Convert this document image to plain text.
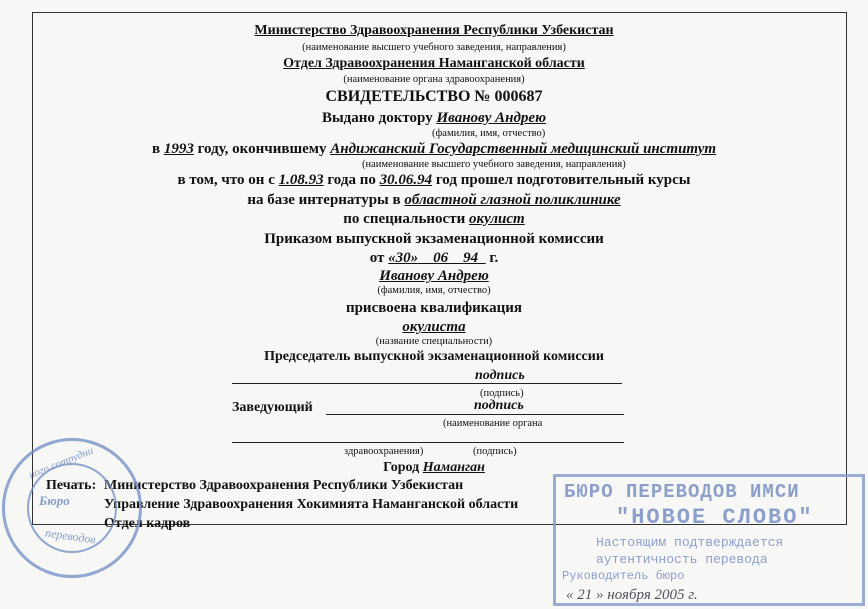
Министерство Здравоохранения Республики Узбекистан
(наименование высшего учебного заведения, направления)
Отдел Здравоохранения Наманганской области
(наименование органа здравоохранения)
СВИДЕТЕЛЬСТВО № 000687
Выдано доктору Иванову Андрею
(фамилия, имя, отчество)
в 1993 году, окончившему Андижанский Государственный медицинский институт
(наименование высшего учебного заведения, направления)
в том, что он с 1.08.93 года по 30.06.94 год прошел подготовительный курсы
на базе интернатуры в областной глазной поликлинике
по специальности окулист
Приказом выпускной экзаменационной комиссии
от «30» 06 94 г.
Иванову Андрею
(фамилия, имя, отчество)
присвоена квалификация
окулиста
(название специальности)
Председатель выпускной экзаменационной комиссии
подпись
(подпись)
Заведующий	подпись
(наименование органа
здравоохранения)	(подпись)
Город Наманган
Печать: Министерство Здравоохранения Республики Узбекистан
Управление Здравоохранения Хокимията Наманганской области
Отдел кадров
ного сотрудни
Бюро
переводов
БЮРО ПЕРЕВОДОВ ИМСИ
"НОВОЕ СЛОВО"
Настоящим подтверждается
аутентичность перевода
Руководитель бюро
« 21 » ноября 2005 г.
